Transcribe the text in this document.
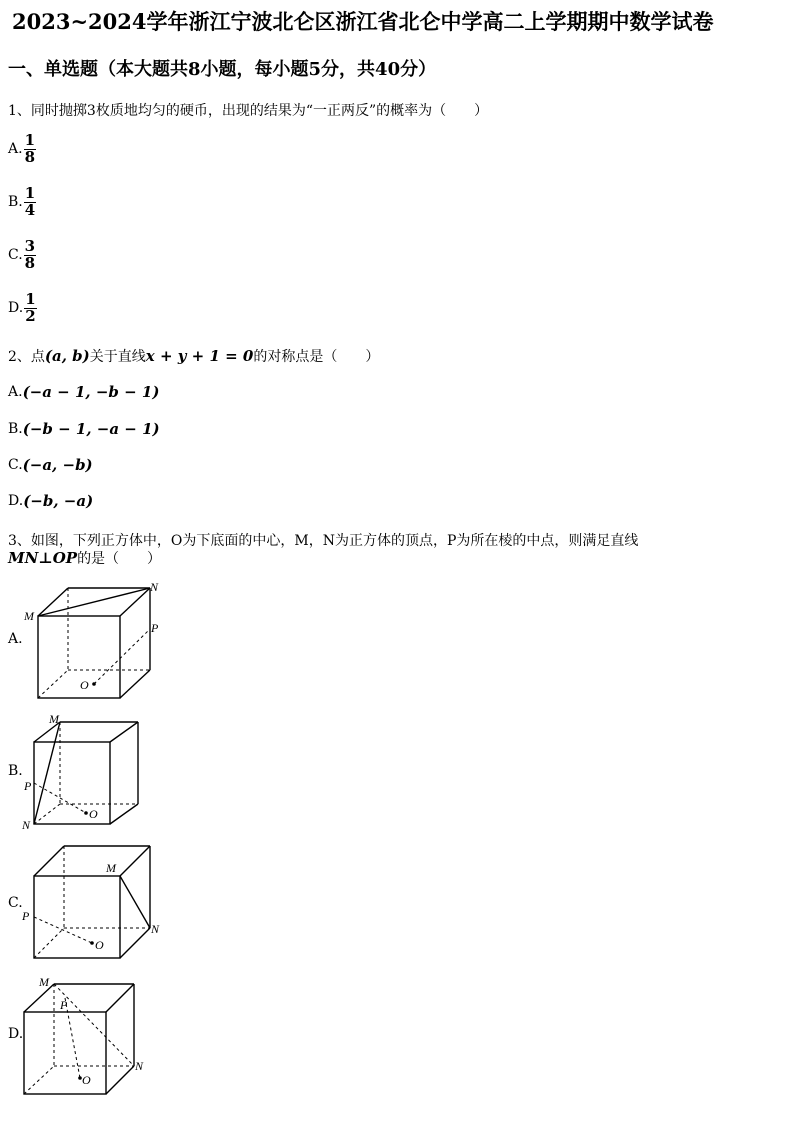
2023~2024学年浙江宁波北仑区浙江省北仑中学高二上学期期中数学试卷
一、单选题（本大题共8小题，每小题5分，共40分）
1、同时抛掷3枚质地均匀的硬币，出现的结果为“一正两反”的概率为（　　）
A. $\frac{1}{8}$
B. $\frac{1}{4}$
C. $\frac{3}{8}$
D. $\frac{1}{2}$
2、点(a, b)关于直线x + y + 1 = 0的对称点是（　　）
A. (−a − 1, −b − 1)
B. (−b − 1, −a − 1)
C. (−a, −b)
D. (−b, −a)
3、如图，下列正方体中，O为下底面的中心，M，N为正方体的顶点，P为所在棱的中点，则满足直线
MN⊥OP的是（　　）
A.
M
N
P
O
B.
M
N
P
O
C.
M
N
P
O
D.
M
N
P
O
